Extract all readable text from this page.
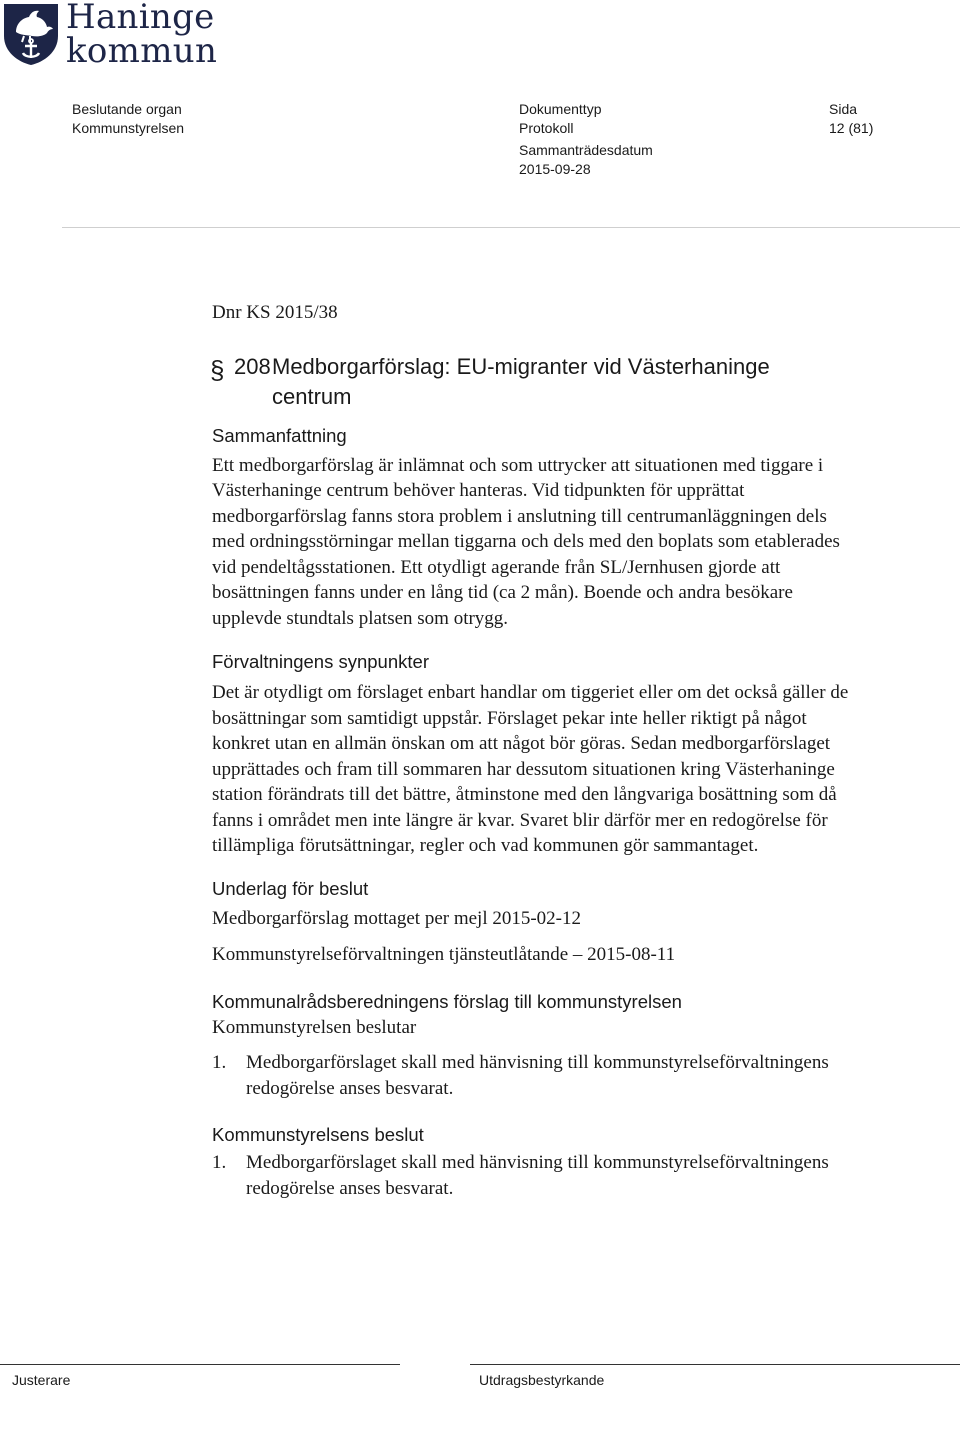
Haninge
kommun
Beslutande organ
Kommunstyrelsen
Dokumenttyp
Protokoll
Sida
12 (81)
Sammanträdesdatum
2015-09-28

Dnr KS 2015/38

§ 208Medborgarförslag: EU-migranter vid Västerhaninge centrum
Sammanfattning

Ett medborgarförslag är inlämnat och som uttrycker att situationen med tiggare i Västerhaninge centrum behöver hanteras. Vid tidpunkten för upprättat medborgarförslag fanns stora problem i anslutning till centrumanläggningen dels med ordningsstörningar mellan tiggarna och dels med den boplats som etablerades vid pendeltågsstationen. Ett otydligt agerande från SL/Jernhusen gjorde att bosättningen fanns under en lång tid (ca 2 mån). Boende och andra besökare upplevde stundtals platsen som otrygg.

Förvaltningens synpunkter

Det är otydligt om förslaget enbart handlar om tiggeriet eller om det också gäller de bosättningar som samtidigt uppstår. Förslaget pekar inte heller riktigt på något konkret utan en allmän önskan om att något bör göras. Sedan medborgarförslaget upprättades och fram till sommaren har dessutom situationen kring Västerhaninge station förändrats till det bättre, åtminstone med den långvariga bosättning som då fanns i området men inte längre är kvar. Svaret blir därför mer en redogörelse för tillämpliga förutsättningar, regler och vad kommunen gör sammantaget.

Underlag för beslut

Medborgarförslag mottaget per mejl 2015-02-12

Kommunstyrelseförvaltningen tjänsteutlåtande – 2015-08-11

Kommunalrådsberedningens förslag till kommunstyrelsen

Kommunstyrelsen beslutar

1. Medborgarförslaget skall med hänvisning till kommunstyrelseförvaltningens redogörelse anses besvarat.
Kommunstyrelsens beslut
1. Medborgarförslaget skall med hänvisning till kommunstyrelseförvaltningens redogörelse anses besvarat.
Justerare	Utdragsbestyrkande
